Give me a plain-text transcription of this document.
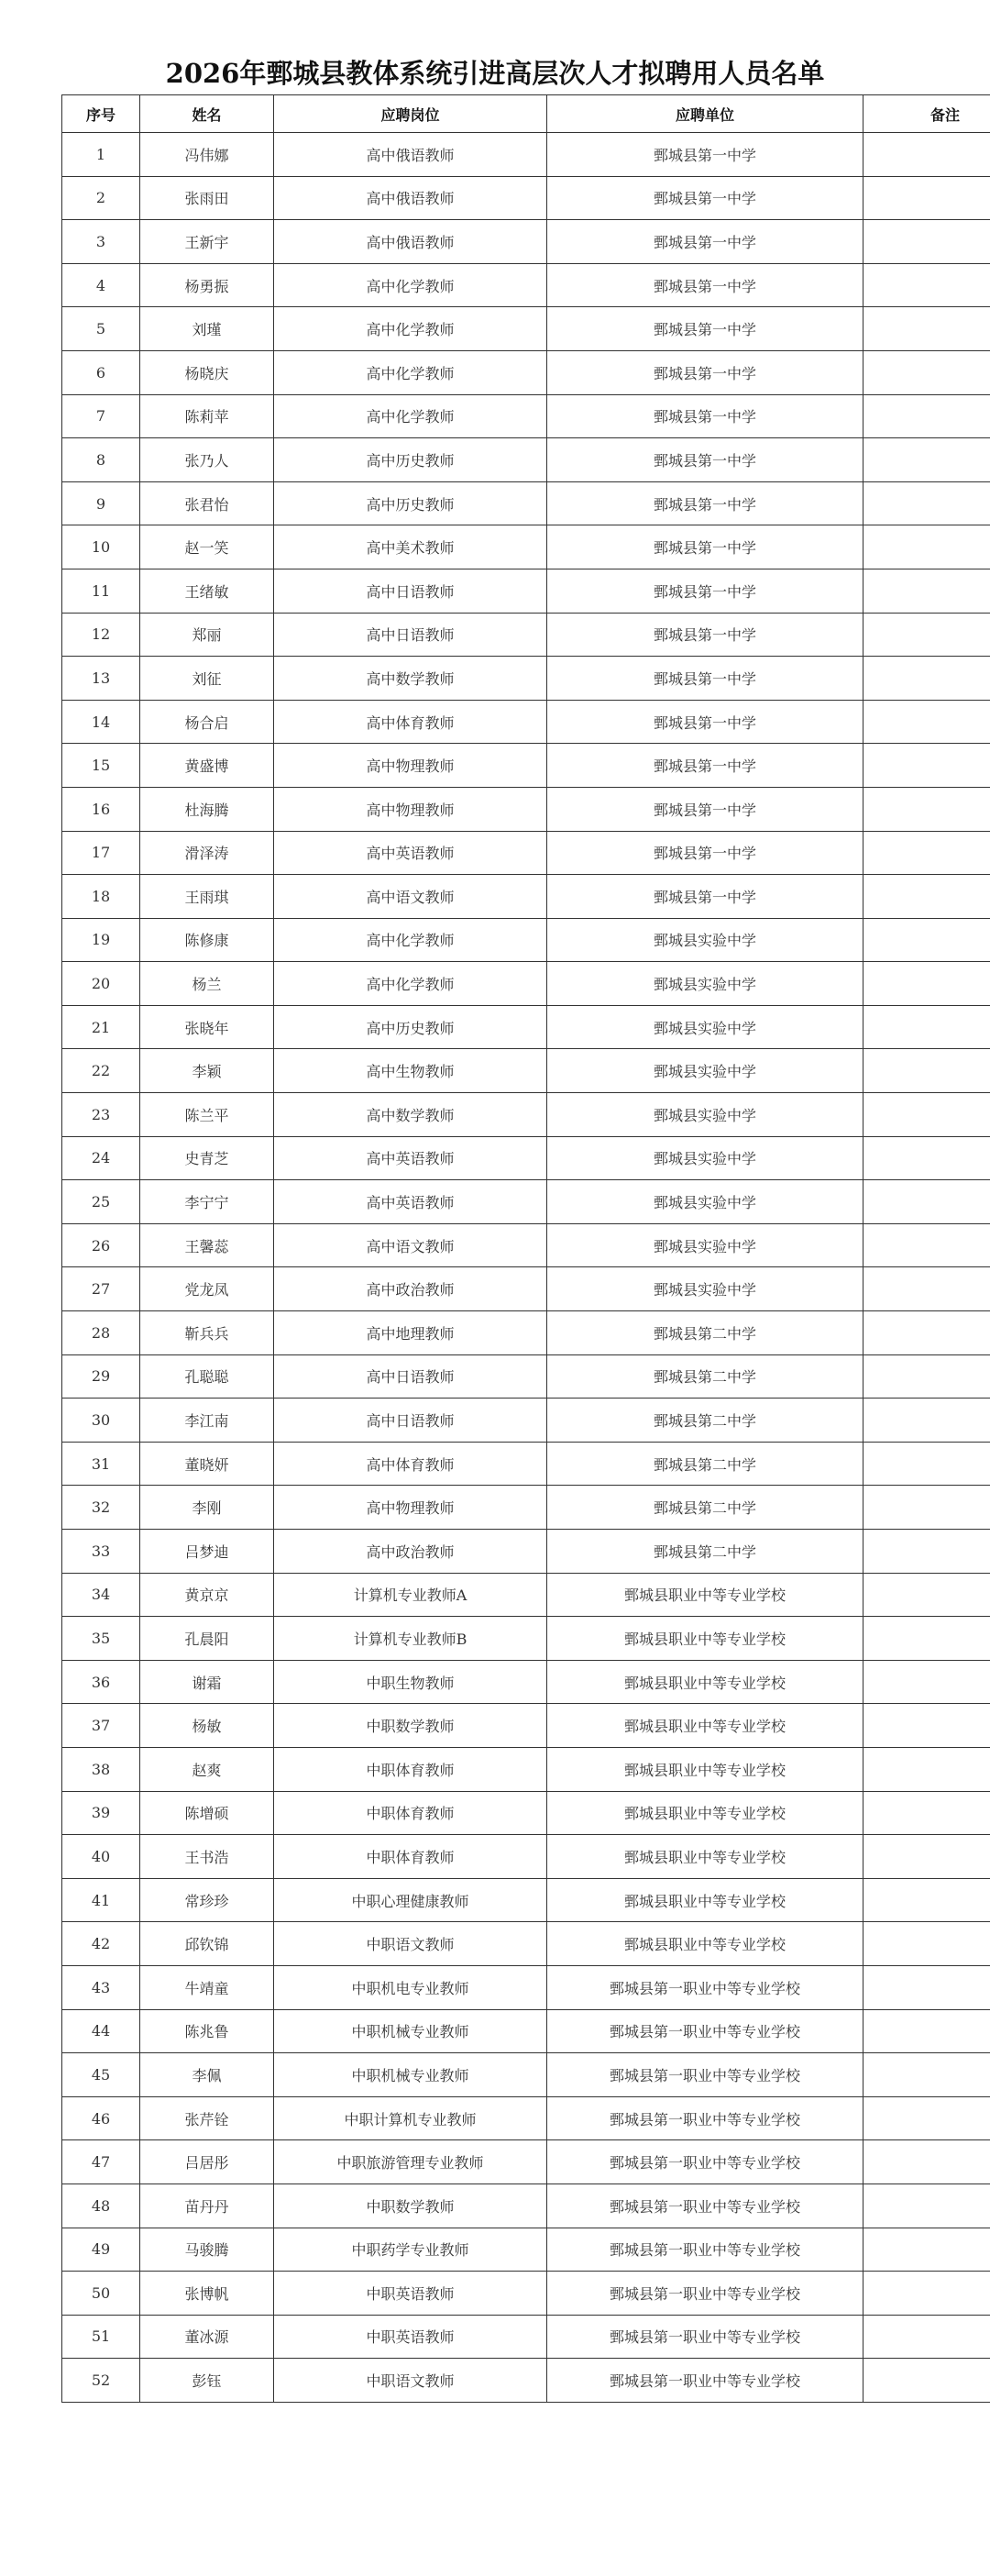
2026年鄄城县教体系统引进高层次人才拟聘用人员名单
序号	姓名	应聘岗位	应聘单位	备注
1	冯伟娜	高中俄语教师	鄄城县第一中学	
2	张雨田	高中俄语教师	鄄城县第一中学	
3	王新宇	高中俄语教师	鄄城县第一中学	
4	杨勇振	高中化学教师	鄄城县第一中学	
5	刘瑾	高中化学教师	鄄城县第一中学	
6	杨晓庆	高中化学教师	鄄城县第一中学	
7	陈莉苹	高中化学教师	鄄城县第一中学	
8	张乃人	高中历史教师	鄄城县第一中学	
9	张君怡	高中历史教师	鄄城县第一中学	
10	赵一笑	高中美术教师	鄄城县第一中学	
11	王绪敏	高中日语教师	鄄城县第一中学	
12	郑丽	高中日语教师	鄄城县第一中学	
13	刘征	高中数学教师	鄄城县第一中学	
14	杨合启	高中体育教师	鄄城县第一中学	
15	黄盛博	高中物理教师	鄄城县第一中学	
16	杜海腾	高中物理教师	鄄城县第一中学	
17	滑泽涛	高中英语教师	鄄城县第一中学	
18	王雨琪	高中语文教师	鄄城县第一中学	
19	陈修康	高中化学教师	鄄城县实验中学	
20	杨兰	高中化学教师	鄄城县实验中学	
21	张晓年	高中历史教师	鄄城县实验中学	
22	李颖	高中生物教师	鄄城县实验中学	
23	陈兰平	高中数学教师	鄄城县实验中学	
24	史青芝	高中英语教师	鄄城县实验中学	
25	李宁宁	高中英语教师	鄄城县实验中学	
26	王馨蕊	高中语文教师	鄄城县实验中学	
27	党龙凤	高中政治教师	鄄城县实验中学	
28	靳兵兵	高中地理教师	鄄城县第二中学	
29	孔聪聪	高中日语教师	鄄城县第二中学	
30	李江南	高中日语教师	鄄城县第二中学	
31	董晓妍	高中体育教师	鄄城县第二中学	
32	李刚	高中物理教师	鄄城县第二中学	
33	吕梦迪	高中政治教师	鄄城县第二中学	
34	黄京京	计算机专业教师A	鄄城县职业中等专业学校	
35	孔晨阳	计算机专业教师B	鄄城县职业中等专业学校	
36	谢霜	中职生物教师	鄄城县职业中等专业学校	
37	杨敏	中职数学教师	鄄城县职业中等专业学校	
38	赵爽	中职体育教师	鄄城县职业中等专业学校	
39	陈增硕	中职体育教师	鄄城县职业中等专业学校	
40	王书浩	中职体育教师	鄄城县职业中等专业学校	
41	常珍珍	中职心理健康教师	鄄城县职业中等专业学校	
42	邱钦锦	中职语文教师	鄄城县职业中等专业学校	
43	牛靖童	中职机电专业教师	鄄城县第一职业中等专业学校	
44	陈兆鲁	中职机械专业教师	鄄城县第一职业中等专业学校	
45	李佩	中职机械专业教师	鄄城县第一职业中等专业学校	
46	张芹铨	中职计算机专业教师	鄄城县第一职业中等专业学校	
47	吕居彤	中职旅游管理专业教师	鄄城县第一职业中等专业学校	
48	苗丹丹	中职数学教师	鄄城县第一职业中等专业学校	
49	马骏腾	中职药学专业教师	鄄城县第一职业中等专业学校	
50	张博帆	中职英语教师	鄄城县第一职业中等专业学校	
51	董冰源	中职英语教师	鄄城县第一职业中等专业学校	
52	彭钰	中职语文教师	鄄城县第一职业中等专业学校	
